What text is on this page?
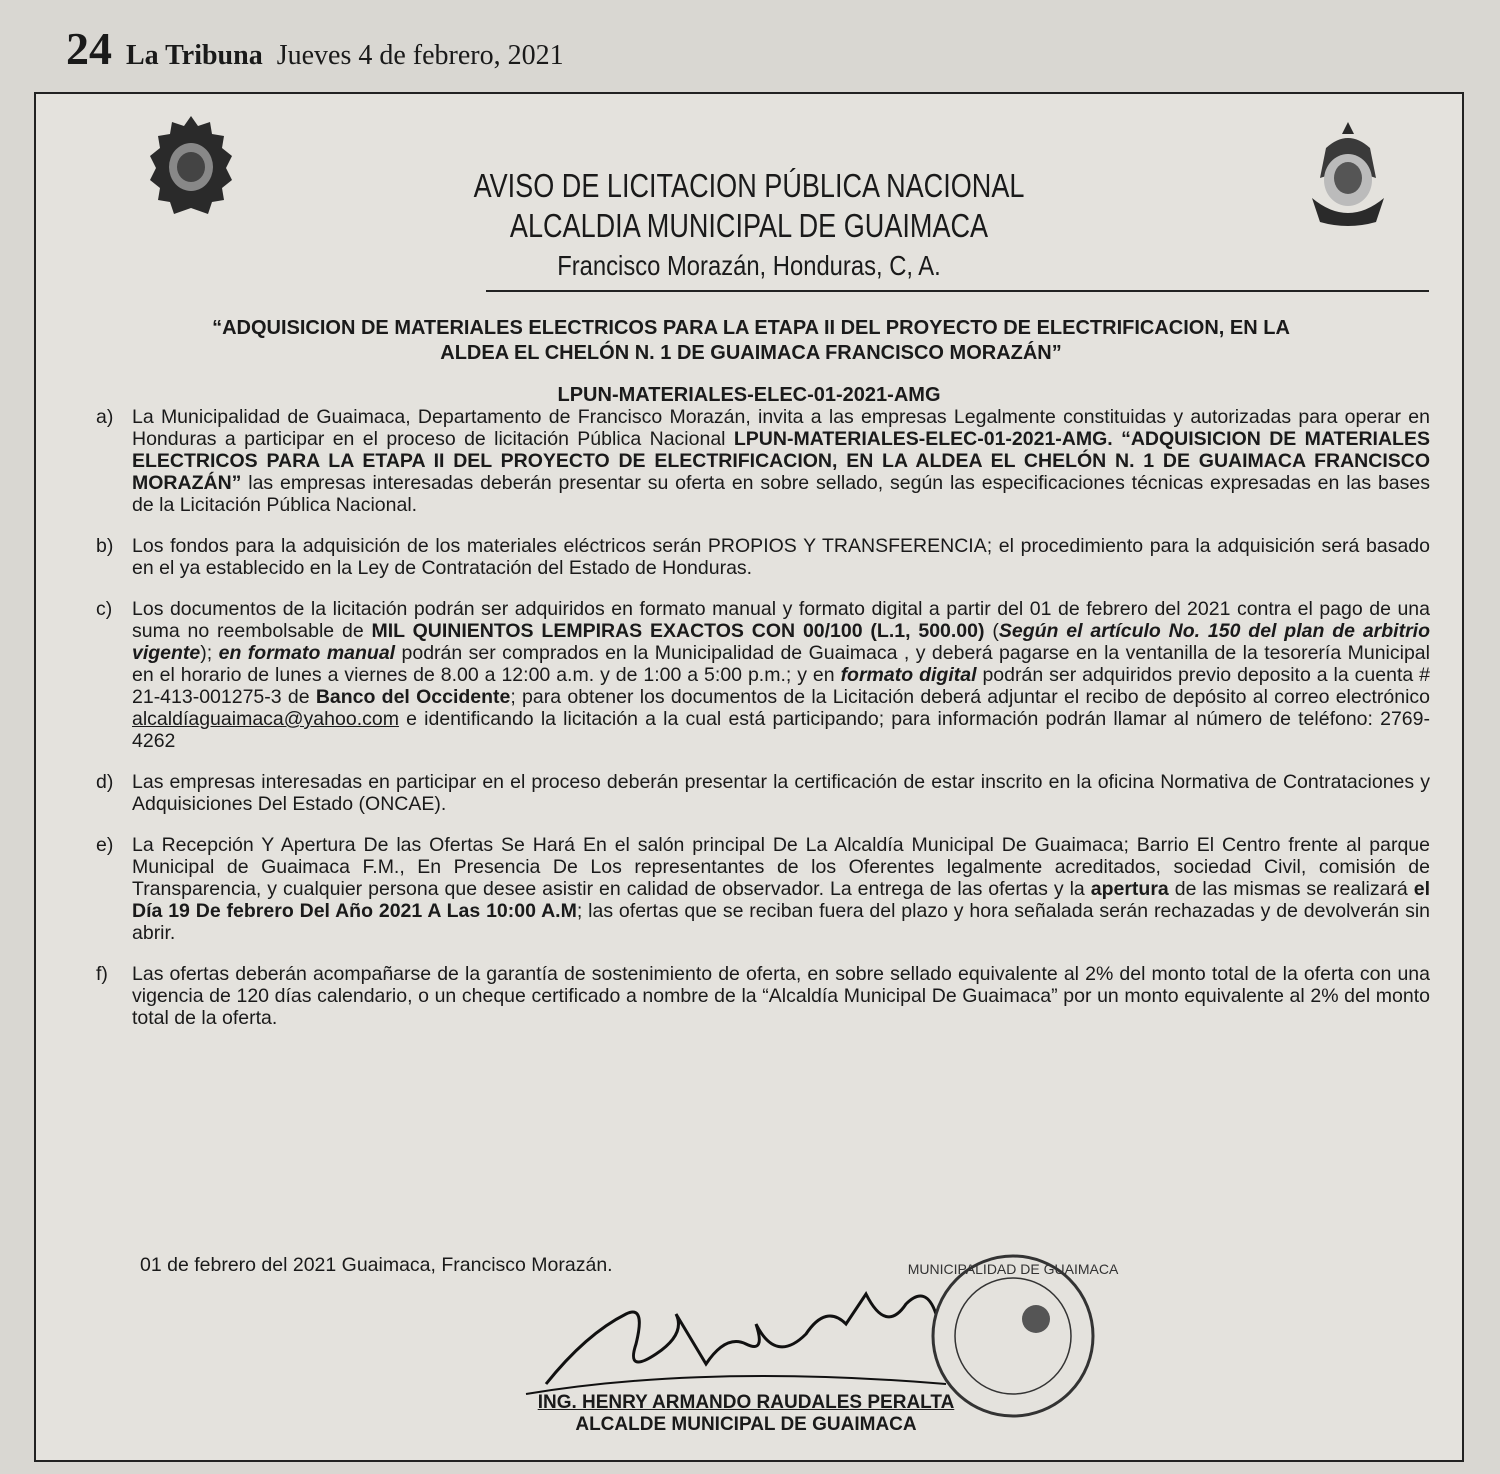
24 La Tribuna Jueves 4 de febrero, 2021
AVISO DE LICITACION PÚBLICA NACIONAL
ALCALDIA MUNICIPAL DE GUAIMACA
Francisco Morazán, Honduras, C, A.
“ADQUISICION DE MATERIALES ELECTRICOS PARA LA ETAPA II DEL PROYECTO DE ELECTRIFICACION, EN LA ALDEA EL CHELÓN N. 1 DE GUAIMACA FRANCISCO MORAZÁN”
LPUN-MATERIALES-ELEC-01-2021-AMG
a) La Municipalidad de Guaimaca, Departamento de Francisco Morazán, invita a las empresas Legalmente constituidas y autorizadas para operar en Honduras a participar en el proceso de licitación Pública Nacional LPUN-MATERIALES-ELEC-01-2021-AMG. “ADQUISICION DE MATERIALES ELECTRICOS PARA LA ETAPA II DEL PROYECTO DE ELECTRIFICACION, EN LA ALDEA EL CHELÓN N. 1 DE GUAIMACA FRANCISCO MORAZÁN” las empresas interesadas deberán presentar su oferta en sobre sellado, según las especificaciones técnicas expresadas en las bases de la Licitación Pública Nacional.
b) Los fondos para la adquisición de los materiales eléctricos serán PROPIOS Y TRANSFERENCIA; el procedimiento para la adquisición será basado en el ya establecido en la Ley de Contratación del Estado de Honduras.
c) Los documentos de la licitación podrán ser adquiridos en formato manual y formato digital a partir del 01 de febrero del 2021 contra el pago de una suma no reembolsable de MIL QUINIENTOS LEMPIRAS EXACTOS CON 00/100 (L.1, 500.00) (Según el artículo No. 150 del plan de arbitrio vigente); en formato manual podrán ser comprados en la Municipalidad de Guaimaca , y deberá pagarse en la ventanilla de la tesorería Municipal en el horario de lunes a viernes de 8.00 a 12:00 a.m. y de 1:00 a 5:00 p.m.; y en formato digital podrán ser adquiridos previo deposito a la cuenta # 21-413-001275-3 de Banco del Occidente; para obtener los documentos de la Licitación deberá adjuntar el recibo de depósito al correo electrónico alcaldíaguaimaca@yahoo.com e identificando la licitación a la cual está participando; para información podrán llamar al número de teléfono: 2769-4262
d) Las empresas interesadas en participar en el proceso deberán presentar la certificación de estar inscrito en la oficina Normativa de Contrataciones y Adquisiciones Del Estado (ONCAE).
e) La Recepción Y Apertura De las Ofertas Se Hará En el salón principal De La Alcaldía Municipal De Guaimaca; Barrio El Centro frente al parque Municipal de Guaimaca F.M., En Presencia De Los representantes de los Oferentes legalmente acreditados, sociedad Civil, comisión de Transparencia, y cualquier persona que desee asistir en calidad de observador. La entrega de las ofertas y la apertura de las mismas se realizará el Día 19 De febrero Del Año 2021 A Las 10:00 A.M; las ofertas que se reciban fuera del plazo y hora señalada serán rechazadas y de devolverán sin abrir.
f) Las ofertas deberán acompañarse de la garantía de sostenimiento de oferta, en sobre sellado equivalente al 2% del monto total de la oferta con una vigencia de 120 días calendario, o un cheque certificado a nombre de la “Alcaldía Municipal De Guaimaca” por un monto equivalente al 2% del monto total de la oferta.
01 de febrero del 2021 Guaimaca, Francisco Morazán.	MUNICIPALIDAD DE GUAIMACA
ING. HENRY ARMANDO RAUDALES PERALTA
ALCALDE MUNICIPAL DE GUAIMACA
